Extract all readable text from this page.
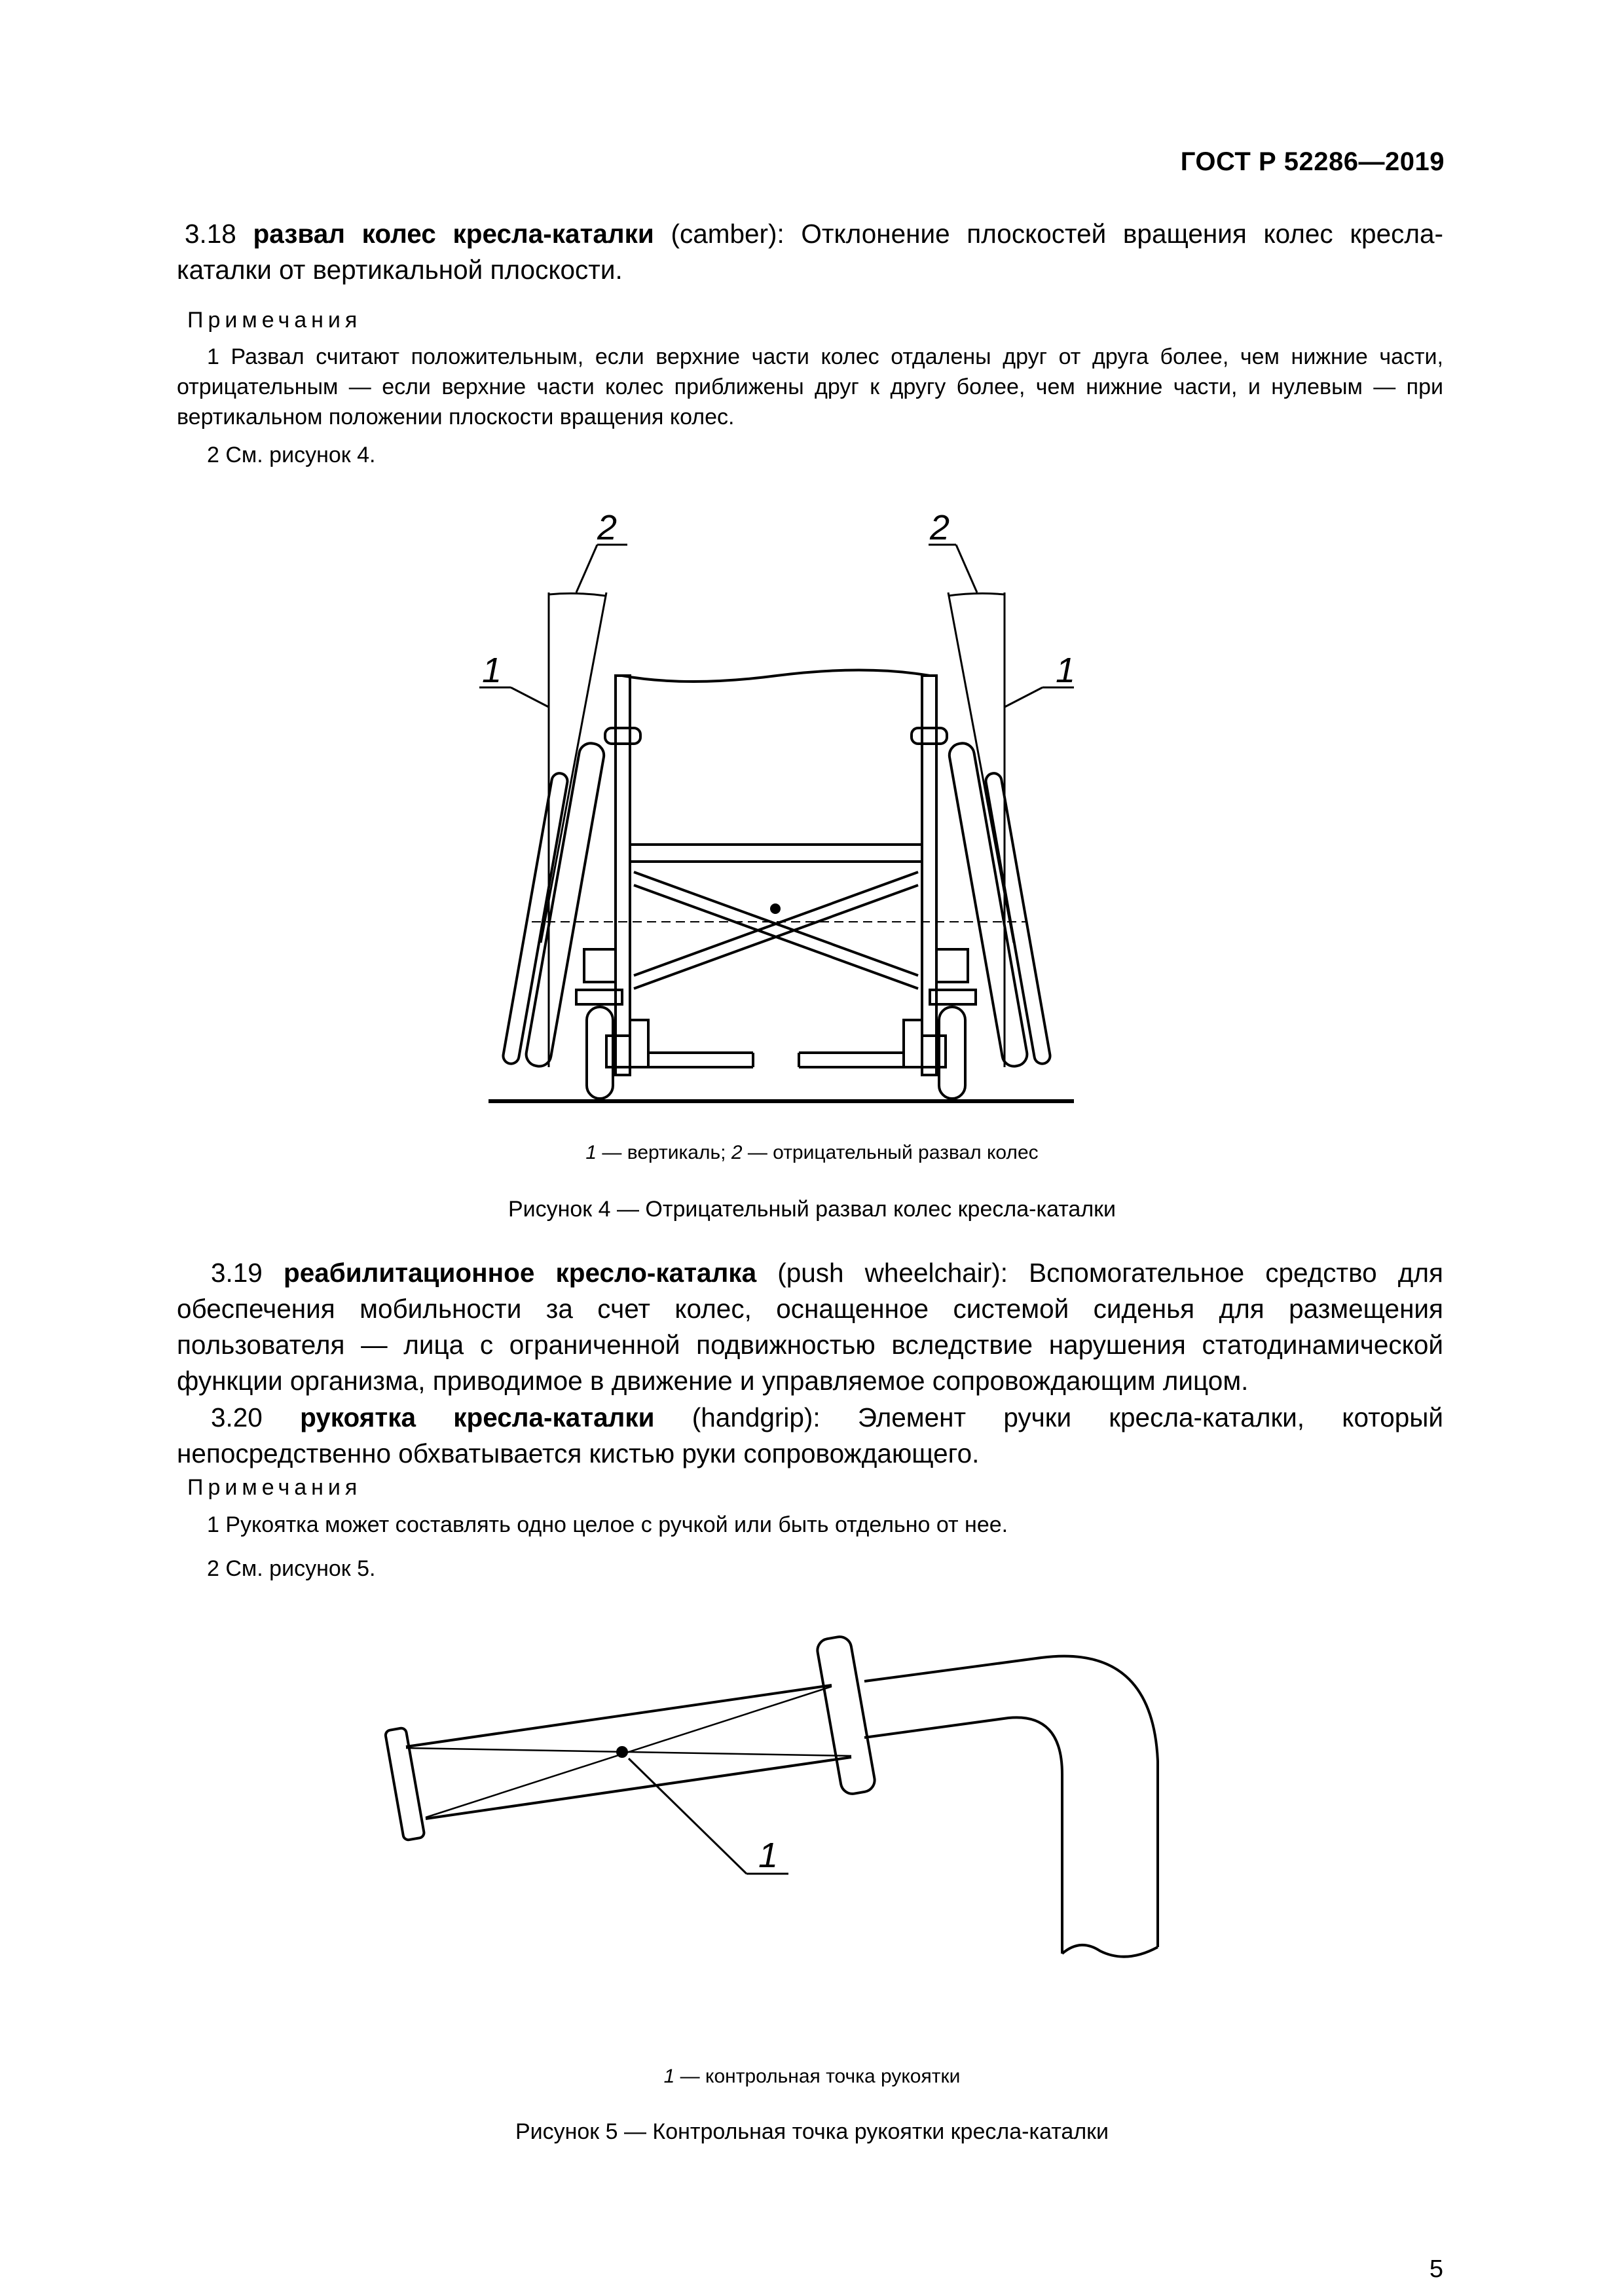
ГОСТ Р 52286—2019
3.18 развал колес кресла-каталки (camber): Отклонение плоскостей вращения колес кресла-каталки от вертикальной плоскости.
Примечания
1 Развал считают положительным, если верхние части колес отдалены друг от друга более, чем нижние части, отрицательным — если верхние части колес приближены друг к другу более, чем нижние части, и нулевым — при вертикальном положении плоскости вращения колес.
2 См. рисунок 4.
2	2
1	1
1 — вертикаль; 2 — отрицательный развал колес
Рисунок 4 — Отрицательный развал колес кресла-каталки
3.19 реабилитационное кресло-каталка (push wheelchair): Вспомогательное средство для обеспечения мобильности за счет колес, оснащенное системой сиденья для размещения пользователя — лица с ограниченной подвижностью вследствие нарушения статодинамической функции организма, приводимое в движение и управляемое сопровождающим лицом.
3.20 рукоятка кресла-каталки (handgrip): Элемент ручки кресла-каталки, который непосредственно обхватывается кистью руки сопровождающего.
Примечания
1 Рукоятка может составлять одно целое с ручкой или быть отдельно от нее.
2 См. рисунок 5.
1
1 — контрольная точка рукоятки
Рисунок 5 — Контрольная точка рукоятки кресла-каталки
5
